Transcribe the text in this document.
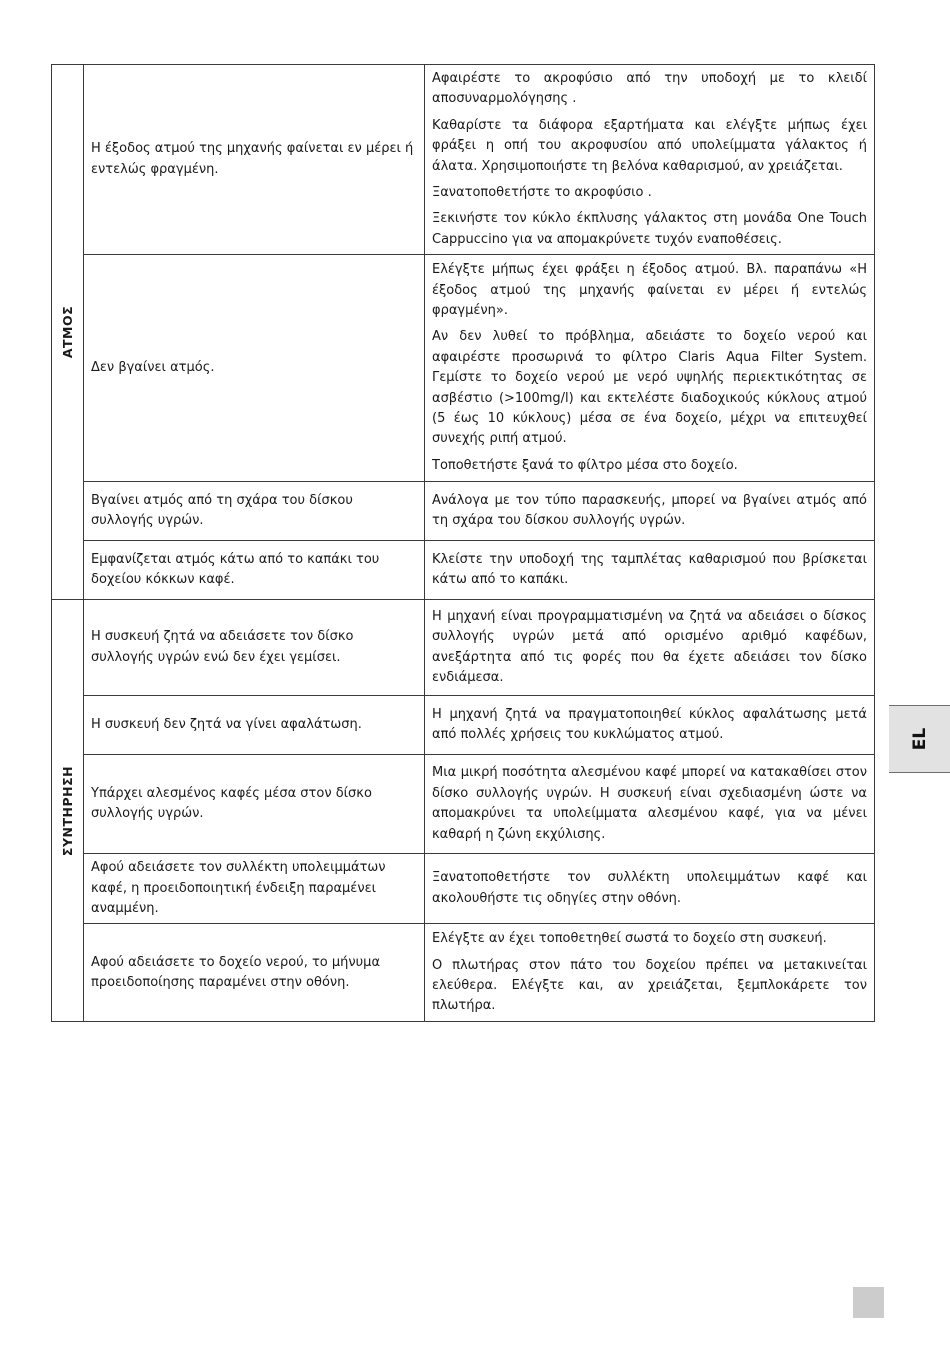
ΑΤΜΟΣ	Η έξοδος ατμού της μηχανής φαίνεται εν μέρει ή εντελώς φραγμένη.	Αφαιρέστε το ακροφύσιο από την υποδοχή με το κλειδί αποσυναρμολόγησης .

Καθαρίστε τα διάφορα εξαρτήματα και ελέγξτε μήπως έχει φράξει η οπή του ακροφυσίου από υπολείμματα γάλακτος ή άλατα. Χρησιμοποιήστε τη βελόνα καθαρισμού, αν χρειάζεται.

Ξανατοποθετήστε το ακροφύσιο .

Ξεκινήστε τον κύκλο έκπλυσης γάλακτος στη μονάδα One Touch Cappuccino για να απομακρύνετε τυχόν εναποθέσεις.

	Δεν βγαίνει ατμός.	Ελέγξτε μήπως έχει φράξει η έξοδος ατμού. Βλ. παραπάνω «Η έξοδος ατμού της μηχανής φαίνεται εν μέρει ή εντελώς φραγμένη».

Αν δεν λυθεί το πρόβλημα, αδειάστε το δοχείο νερού και αφαιρέστε προσωρινά το φίλτρο Claris Aqua Filter System. Γεμίστε το δοχείο νερού με νερό υψηλής περιεκτικότητας σε ασβέστιο (>100mg/l) και εκτελέστε διαδοχικούς κύκλους ατμού (5 έως 10 κύκλους) μέσα σε ένα δοχείο, μέχρι να επιτευχθεί συνεχής ριπή ατμού.

Τοποθετήστε ξανά το φίλτρο μέσα στο δοχείο.

	Βγαίνει ατμός από τη σχάρα του δίσκου συλλογής υγρών.	Ανάλογα με τον τύπο παρασκευής, μπορεί να βγαίνει ατμός από τη σχάρα του δίσκου συλλογής υγρών.

	Εμφανίζεται ατμός κάτω από το καπάκι του δοχείου κόκκων καφέ.	Κλείστε την υποδοχή της ταμπλέτας καθαρισμού που βρίσκεται κάτω από το καπάκι.

ΣΥΝΤΗΡΗΣΗ	Η συσκευή ζητά να αδειάσετε τον δίσκο συλλογής υγρών ενώ δεν έχει γεμίσει.	Η μηχανή είναι προγραμματισμένη να ζητά να αδειάσει ο δίσκος συλλογής υγρών μετά από ορισμένο αριθμό καφέδων, ανεξάρτητα από τις φορές που θα έχετε αδειάσει τον δίσκο ενδιάμεσα.

	Η συσκευή δεν ζητά να γίνει αφαλάτωση.	Η μηχανή ζητά να πραγματοποιηθεί κύκλος αφαλάτωσης μετά από πολλές χρήσεις του κυκλώματος ατμού.

	Υπάρχει αλεσμένος καφές μέσα στον δίσκο συλλογής υγρών.	Μια μικρή ποσότητα αλεσμένου καφέ μπορεί να κατακαθίσει στον δίσκο συλλογής υγρών. Η συσκευή είναι σχεδιασμένη ώστε να απομακρύνει τα υπολείμματα αλεσμένου καφέ, για να μένει καθαρή η ζώνη εκχύλισης.

	Αφού αδειάσετε τον συλλέκτη υπολειμμάτων καφέ, η προειδοποιητική ένδειξη παραμένει αναμμένη.	Ξανατοποθετήστε τον συλλέκτη υπολειμμάτων καφέ και ακολουθήστε τις οδηγίες στην οθόνη.

	Αφού αδειάσετε το δοχείο νερού, το μήνυμα προειδοποίησης παραμένει στην οθόνη.	Ελέγξτε αν έχει τοποθετηθεί σωστά το δοχείο στη συσκευή.

Ο πλωτήρας στον πάτο του δοχείου πρέπει να μετακινείται ελεύθερα. Ελέγξτε και, αν χρειάζεται, ξεμπλοκάρετε τον πλωτήρα.

EL
